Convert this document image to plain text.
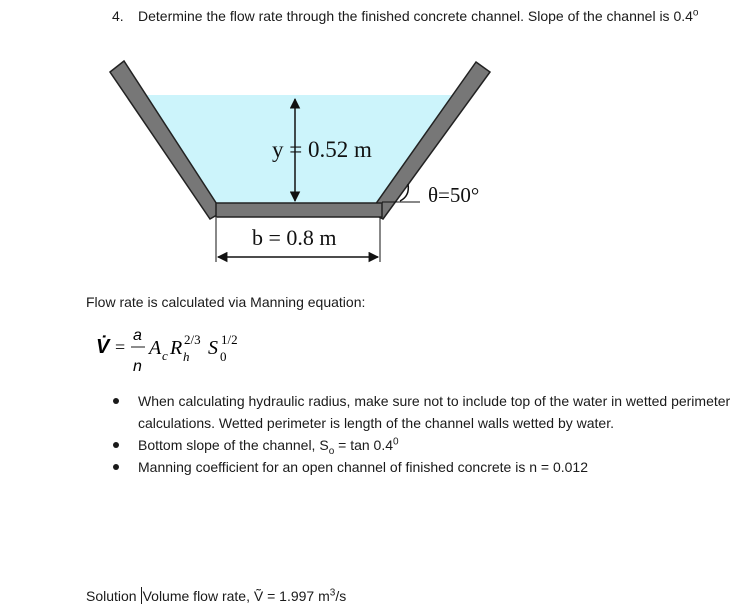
4. Determine the flow rate through the finished concrete channel. Slope of the channel is 0.4$^o$
y = 0.52 m
θ=50°
b = 0.8 m
Flow rate is calculated via Manning equation:
V̇ =
a
n
A c R h
2/3 S 0
1/2
When calculating hydraulic radius, make sure not to include top of the water in wetted perimeter calculations. Wetted perimeter is length of the channel walls wetted by water.
Bottom slope of the channel, $S_o = \tan 0.4^0$
Manning coefficient for an open channel of finished concrete is n = 0.012
Solution Volume flow rate, Ṽ = 1.997 $m^3/s$
